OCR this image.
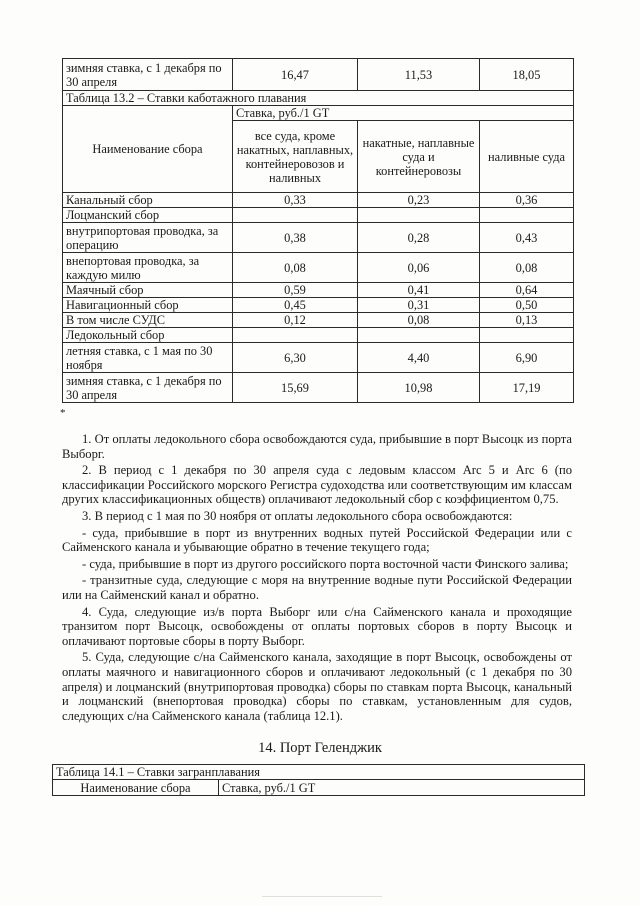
зимняя ставка, с 1 декабря по 30 апреля	16,47	11,53	18,05
Таблица 13.2 – Ставки каботажного плавания			
Наименование сбора	Ставка, руб./1 GT		
	все суда, кроме накатных, наплавных, контейнеровозов и наливных	накатные, наплавные суда и контейнеровозы	наливные суда
Канальный сбор	0,33	0,23	0,36
Лоцманский сбор			
внутрипортовая проводка, за операцию	0,38	0,28	0,43
внепортовая проводка, за каждую милю	0,08	0,06	0,08
Маячный сбор	0,59	0,41	0,64
Навигационный сбор	0,45	0,31	0,50
В том числе СУДС	0,12	0,08	0,13
Ледокольный сбор			
летняя ставка, с 1 мая по 30 ноября	6,30	4,40	6,90
зимняя ставка, с 1 декабря по 30 апреля	15,69	10,98	17,19
*

1. От оплаты ледокольного сбора освобождаются суда, прибывшие в порт Высоцк из порта Выборг.

2. В период с 1 декабря по 30 апреля суда с ледовым классом Arc 5 и Arc 6 (по классификации Российского морского Регистра судоходства или соответствующим им классам других классификационных обществ) оплачивают ледокольный сбор с коэффициентом 0,75.

3. В период с 1 мая по 30 ноября от оплаты ледокольного сбора освобождаются:

- суда, прибывшие в порт из внутренних водных путей Российской Федерации или с Сайменского канала и убывающие обратно в течение текущего года;

- суда, прибывшие в порт из другого российского порта восточной части Финского залива;

- транзитные суда, следующие с моря на внутренние водные пути Российской Федерации или на Сайменский канал и обратно.

4. Суда, следующие из/в порта Выборг или с/на Сайменского канала и проходящие транзитом порт Высоцк, освобождены от оплаты портовых сборов в порту Высоцк и оплачивают портовые сборы в порту Выборг.

5. Суда, следующие с/на Сайменского канала, заходящие в порт Высоцк, освобождены от оплаты маячного и навигационного сборов и оплачивают ледокольный (с 1 декабря по 30 апреля) и лоцманский (внутрипортовая проводка) сборы по ставкам порта Высоцк, канальный и лоцманский (внепортовая проводка) сборы по ставкам, установленным для судов, следующих с/на Сайменского канала (таблица 12.1).

14. Порт Геленджик
Таблица 14.1 – Ставки загранплавания
Наименование сбора	Ставка, руб./1 GT
